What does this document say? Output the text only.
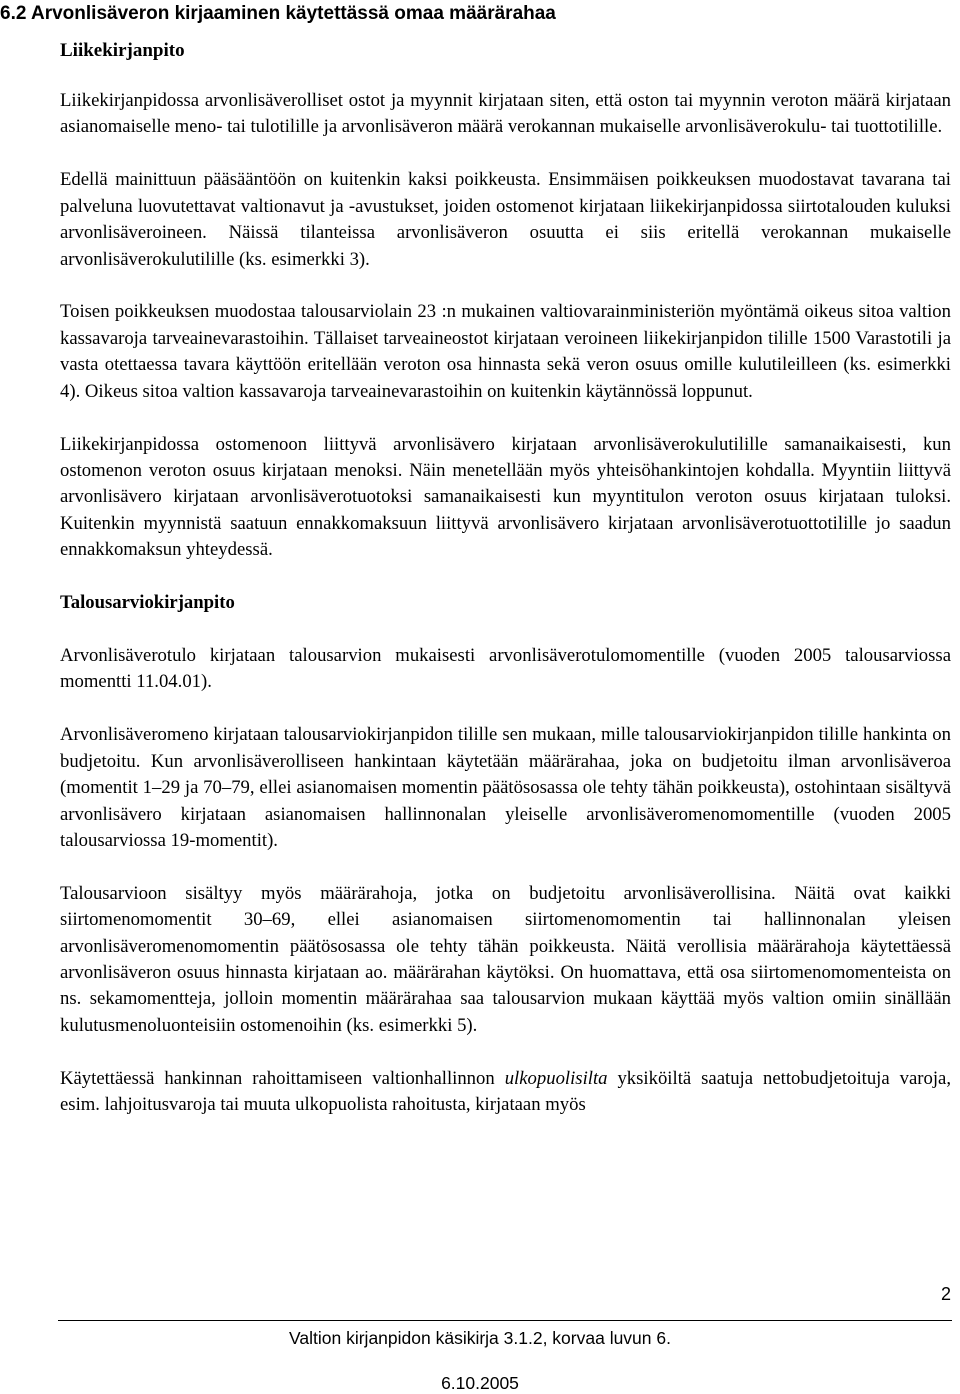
6.2 Arvonlisäveron kirjaaminen käytettässä omaa määrärahaa
Liikekirjanpito

Liikekirjanpidossa arvonlisäverolliset ostot ja myynnit kirjataan siten, että oston tai myynnin veroton määrä kirjataan asianomaiselle meno- tai tulotilille ja arvonlisäveron määrä verokannan mukaiselle arvonlisäverokulu- tai tuottotilille.

Edellä mainittuun pääsääntöön on kuitenkin kaksi poikkeusta. Ensimmäisen poikkeuksen muodostavat tavarana tai palveluna luovutettavat valtionavut ja -avustukset, joiden ostomenot kirjataan liikekirjanpidossa siirtotalouden kuluksi arvonlisäveroineen. Näissä tilanteissa arvonlisäveron osuutta ei siis eritellä verokannan mukaiselle arvonlisäverokulutilille (ks. esimerkki 3).

Toisen poikkeuksen muodostaa talousarviolain 23 :n mukainen valtiovarainministeriön myöntämä oikeus sitoa valtion kassavaroja tarveainevarastoihin. Tällaiset tarveaineostot kirjataan veroineen liikekirjanpidon tilille 1500 Varastotili ja vasta otettaessa tavara käyttöön eritellään veroton osa hinnasta sekä veron osuus omille kulutileilleen (ks. esimerkki 4). Oikeus sitoa valtion kassavaroja tarveainevarastoihin on kuitenkin käytännössä loppunut.

Liikekirjanpidossa ostomenoon liittyvä arvonlisävero kirjataan arvonlisäverokulutilille samanaikaisesti, kun ostomenon veroton osuus kirjataan menoksi. Näin menetellään myös yhteisöhankintojen kohdalla. Myyntiin liittyvä arvonlisävero kirjataan arvonlisäverotuotoksi samanaikaisesti kun myyntitulon veroton osuus kirjataan tuloksi. Kuitenkin myynnistä saatuun ennakkomaksuun liittyvä arvonlisävero kirjataan arvonlisäverotuottotilille jo saadun ennakkomaksun yhteydessä.

Talousarviokirjanpito

Arvonlisäverotulo kirjataan talousarvion mukaisesti arvonlisäverotulomomentille (vuoden 2005 talousarviossa momentti 11.04.01).

Arvonlisäveromeno kirjataan talousarviokirjanpidon tilille sen mukaan, mille talousarviokirjanpidon tilille hankinta on budjetoitu. Kun arvonlisäverolliseen hankintaan käytetään määrärahaa, joka on budjetoitu ilman arvonlisäveroa (momentit 1–29 ja 70–79, ellei asianomaisen momentin päätösosassa ole tehty tähän poikkeusta), ostohintaan sisältyvä arvonlisävero kirjataan asianomaisen hallinnonalan yleiselle arvonlisäveromenomomentille (vuoden 2005 talousarviossa 19-momentit).

Talousarvioon sisältyy myös määrärahoja, jotka on budjetoitu arvonlisäverollisina. Näitä ovat kaikki siirtomenomomentit 30–69, ellei asianomaisen siirtomenomomentin tai hallinnonalan yleisen arvonlisäveromenomomentin päätösosassa ole tehty tähän poikkeusta. Näitä verollisia määrärahoja käytettäessä arvonlisäveron osuus hinnasta kirjataan ao. määrärahan käytöksi. On huomattava, että osa siirtomenomomenteista on ns. sekamomentteja, jolloin momentin määrärahaa saa talousarvion mukaan käyttää myös valtion omiin sinällään kulutusmenoluonteisiin ostomenoihin (ks. esimerkki 5).

Käytettäessä hankinnan rahoittamiseen valtionhallinnon ulkopuolisilta yksiköiltä saatuja nettobudjetoituja varoja, esim. lahjoitusvaroja tai muuta ulkopuolista rahoitusta, kirjataan myös

2
Valtion kirjanpidon käsikirja 3.1.2, korvaa luvun 6.
6.10.2005
